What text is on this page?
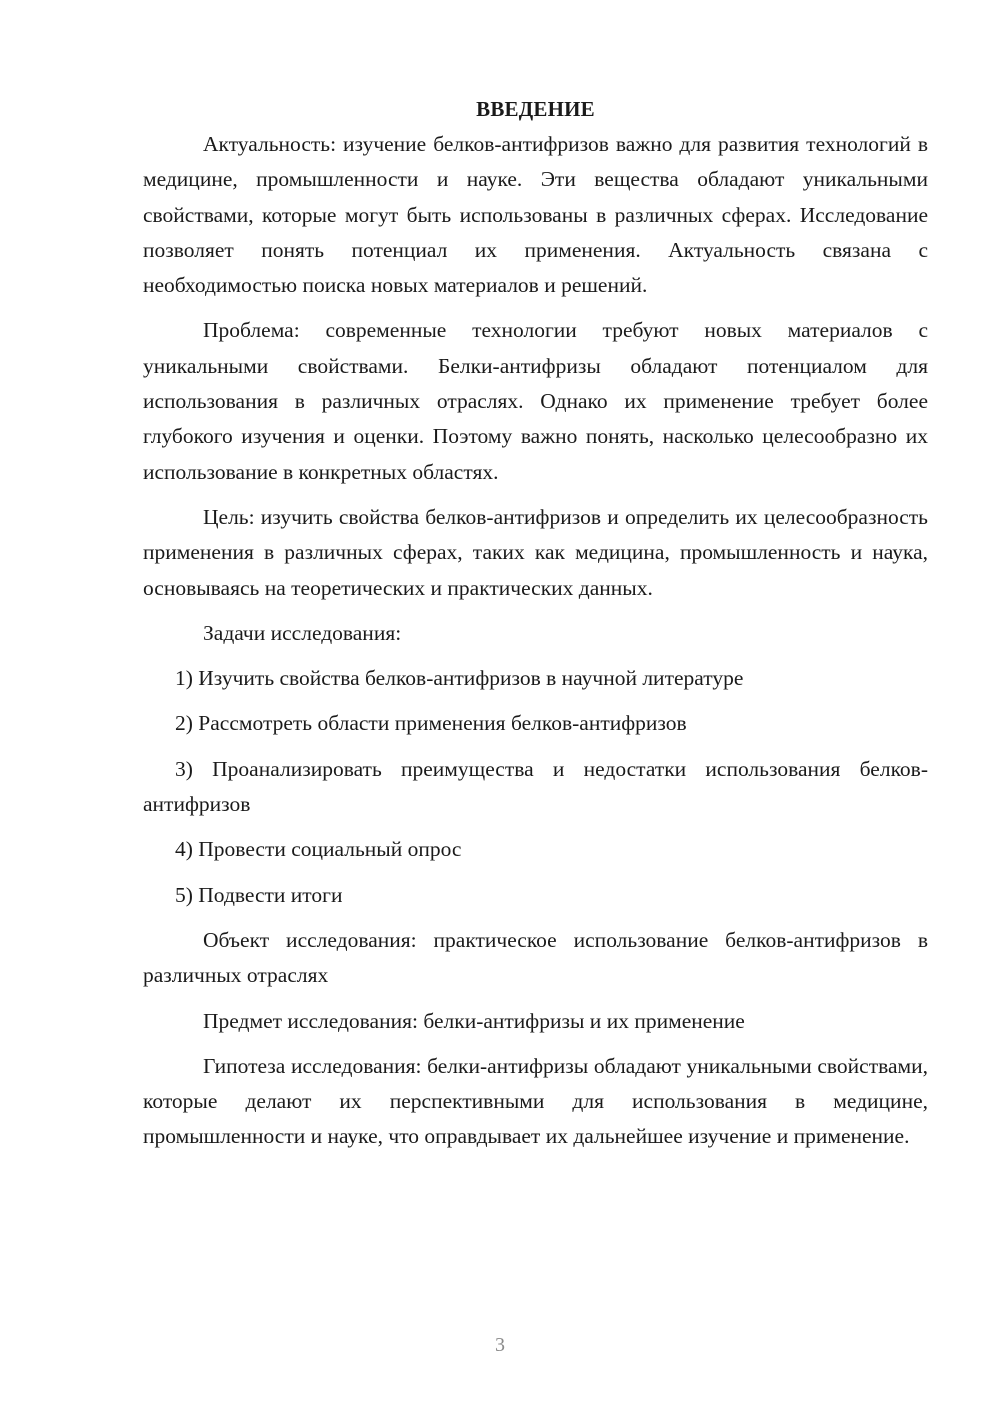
ВВЕДЕНИЕ

Актуальность: изучение белков-антифризов важно для развития технологий в медицине, промышленности и науке. Эти вещества обладают уникальными свойствами, которые могут быть использованы в различных сферах. Исследование позволяет понять потенциал их применения. Актуальность связана с необходимостью поиска новых материалов и решений.

Проблема: современные технологии требуют новых материалов с уникальными свойствами. Белки-антифризы обладают потенциалом для использования в различных отраслях. Однако их применение требует более глубокого изучения и оценки. Поэтому важно понять, насколько целесообразно их использование в конкретных областях.

Цель: изучить свойства белков-антифризов и определить их целесообразность применения в различных сферах, таких как медицина, промышленность и наука, основываясь на теоретических и практических данных.

Задачи исследования:

1) Изучить свойства белков-антифризов в научной литературе

2) Рассмотреть области применения белков-антифризов

3) Проанализировать преимущества и недостатки использования белков-антифризов

4) Провести социальный опрос

5) Подвести итоги

Объект исследования: практическое использование белков-антифризов в различных отраслях

Предмет исследования: белки-антифризы и их применение

Гипотеза исследования: белки-антифризы обладают уникальными свойствами, которые делают их перспективными для использования в медицине, промышленности и науке, что оправдывает их дальнейшее изучение и применение.

3
